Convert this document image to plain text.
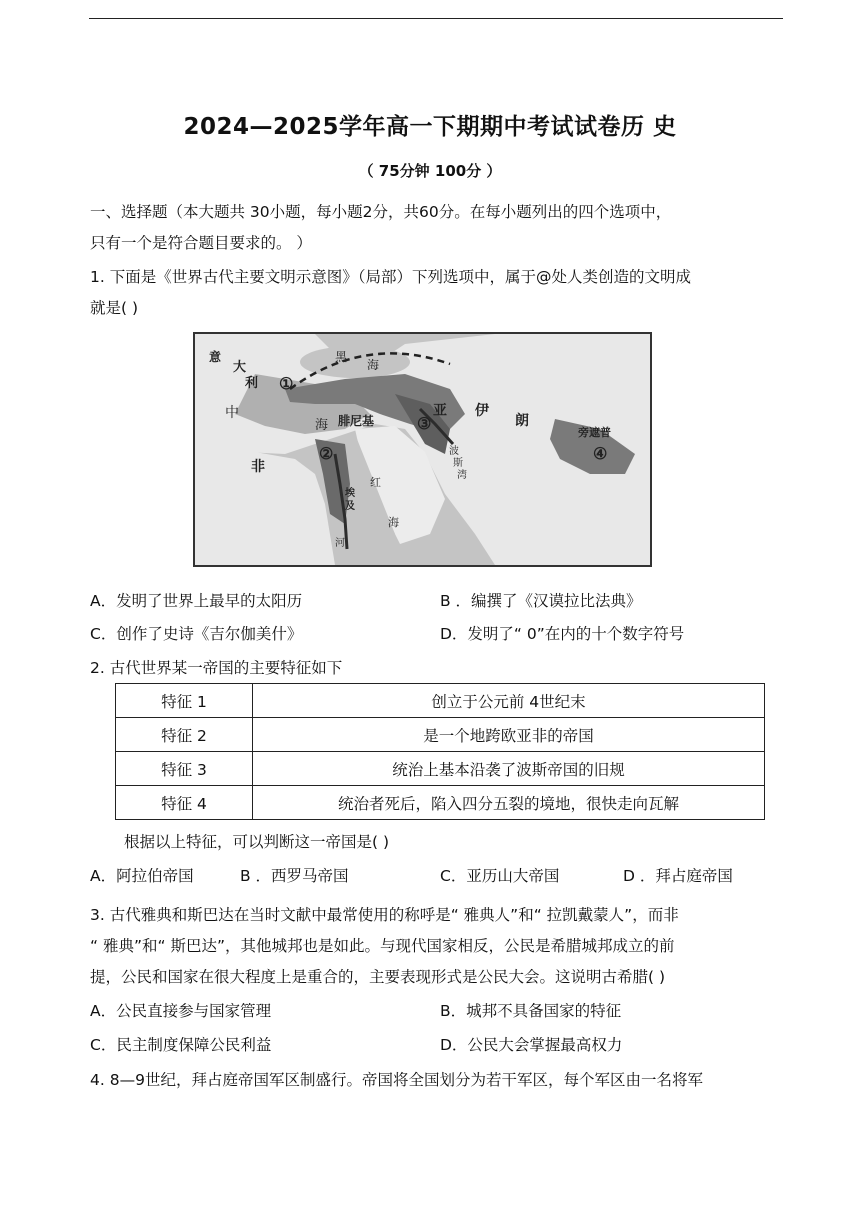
2024—2025学年高一下期期中考试试卷历 史
（ 75分钟 100分 ）
一、选择题（本大题共 30小题，每小题2分，共60分。在每小题列出的四个选项中，
只有一个是符合题目要求的。 ）
1. 下面是《世界古代主要文明示意图》（局部）下列选项中，属于@处人类创造的文明成
就是( )
意
大
利
中
海 腓尼基
亚 伊
朗
非
黑
海
红
海
波
斯
湾
埃
及
河
旁遮普
①
②
③
④
A．发明了世界上最早的太阳历	B ．编撰了《汉谟拉比法典》
C．创作了史诗《吉尔伽美什》	D．发明了“ 0”在内的十个数字符号
2. 古代世界某一帝国的主要特征如下
特征 1	创立于公元前 4世纪末
特征 2	是一个地跨欧亚非的帝国
特征 3	统治上基本沿袭了波斯帝国的旧规
特征 4	统治者死后，陷入四分五裂的境地，很快走向瓦解
根据以上特征，可以判断这一帝国是( )
A．阿拉伯帝国	B ．西罗马帝国	C．亚历山大帝国	D ．拜占庭帝国
3. 古代雅典和斯巴达在当时文献中最常使用的称呼是“ 雅典人”和“ 拉凯戴蒙人”，而非
“ 雅典”和“ 斯巴达”，其他城邦也是如此。与现代国家相反，公民是希腊城邦成立的前
提，公民和国家在很大程度上是重合的，主要表现形式是公民大会。这说明古希腊( )
A．公民直接参与国家管理	B．城邦不具备国家的特征
C．民主制度保障公民利益	D．公民大会掌握最高权力
4. 8—9世纪，拜占庭帝国军区制盛行。帝国将全国划分为若干军区，每个军区由一名将军
